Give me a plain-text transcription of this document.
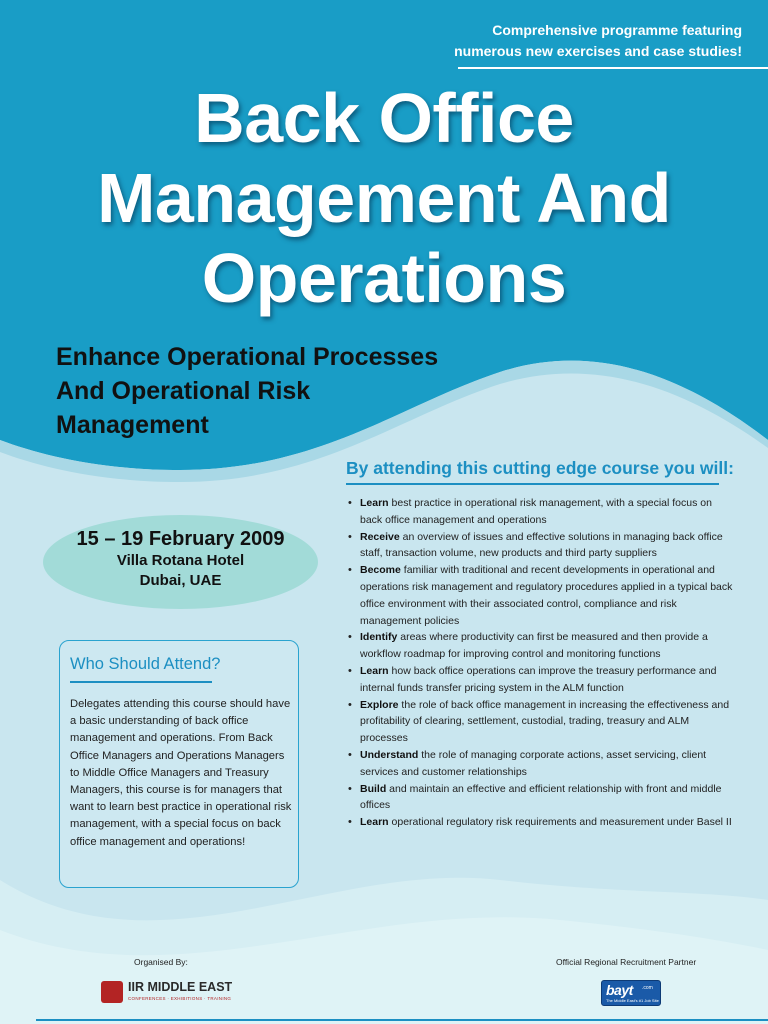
Comprehensive programme featuring
numerous new exercises and case studies!
Back Office
Management And
Operations
Enhance Operational Processes
And Operational Risk
Management
By attending this cutting edge course you will:
• Learn best practice in operational risk management, with a special focus on back office management and operations
• Receive an overview of issues and effective solutions in managing back office staff, transaction volume, new products and third party suppliers
• Become familiar with traditional and recent developments in operational and operations risk management and regulatory procedures applied in a typical back office environment with their associated control, compliance and risk management policies
• Identify areas where productivity can first be measured and then provide a workflow roadmap for improving control and monitoring functions
• Learn how back office operations can improve the treasury performance and internal funds transfer pricing system in the ALM function
• Explore the role of back office management in increasing the effectiveness and profitability of clearing, settlement, custodial, trading, treasury and ALM processes
• Understand the role of managing corporate actions, asset servicing, client services and customer relationships
• Build and maintain an effective and efficient relationship with front and middle offices
• Learn operational regulatory risk requirements and measurement under Basel II
15 – 19 February 2009
Villa Rotana Hotel
Dubai, UAE
Who Should Attend?
Delegates attending this course should have a basic understanding of back office management and operations. From Back Office Managers and Operations Managers to Middle Office Managers and Treasury Managers, this course is for managers that want to learn best practice in operational risk management, with a special focus on back office management and operations!
Organised By:
IIR MIDDLE EAST
CONFERENCES · EXHIBITIONS · TRAINING
Official Regional Recruitment Partner
bayt .com
The Middle East's #1 Job Site
